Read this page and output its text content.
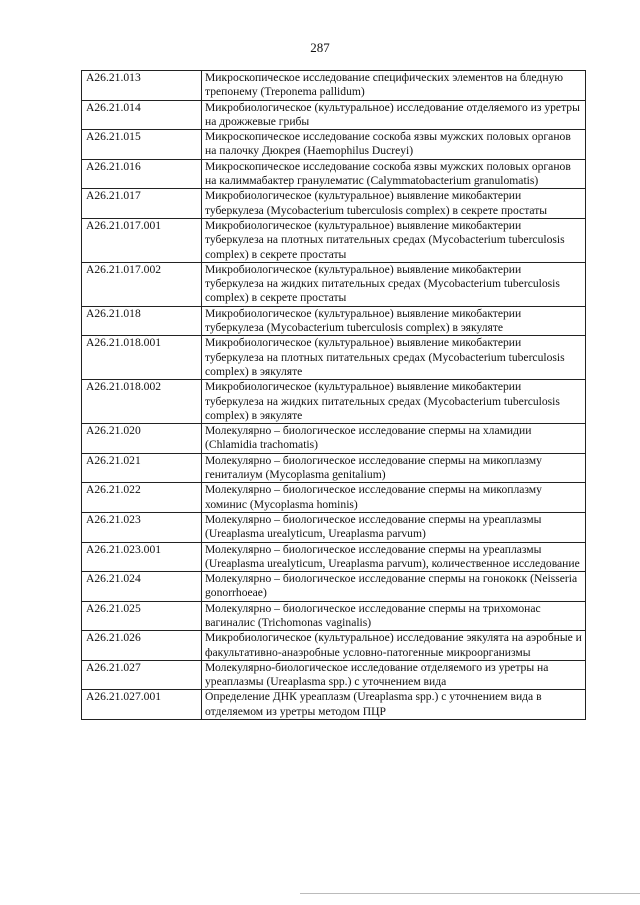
287
A26.21.013	Микроскопическое исследование специфических элементов на бледную трепонему (Treponema pallidum)
A26.21.014	Микробиологическое (культуральное) исследование отделяемого из уретры на дрожжевые грибы
A26.21.015	Микроскопическое исследование соскоба язвы мужских половых органов на палочку Дюкрея (Haemophilus Ducreyi)
A26.21.016	Микроскопическое исследование соскоба язвы мужских половых органов на калиммабактер гранулематис (Calymmatobacterium granulomatis)
A26.21.017	Микробиологическое (культуральное) выявление микобактерии туберкулеза (Mycobacterium tuberculosis complex) в секрете простаты
A26.21.017.001	Микробиологическое (культуральное) выявление микобактерии туберкулеза на плотных питательных средах (Mycobacterium tuberculosis complex) в секрете простаты
A26.21.017.002	Микробиологическое (культуральное) выявление микобактерии туберкулеза на жидких питательных средах (Mycobacterium tuberculosis complex) в секрете простаты
A26.21.018	Микробиологическое (культуральное) выявление микобактерии туберкулеза (Mycobacterium tuberculosis complex) в эякуляте
A26.21.018.001	Микробиологическое (культуральное) выявление микобактерии туберкулеза на плотных питательных средах (Mycobacterium tuberculosis complex) в эякуляте
A26.21.018.002	Микробиологическое (культуральное) выявление микобактерии туберкулеза на жидких питательных средах (Mycobacterium tuberculosis complex) в эякуляте
A26.21.020	Молекулярно – биологическое исследование спермы на хламидии (Chlamidia trachomatis)
A26.21.021	Молекулярно – биологическое исследование спермы на микоплазму гениталиум (Mycoplasma genitalium)
A26.21.022	Молекулярно – биологическое исследование спермы на микоплазму хоминис (Mycoplasma hominis)
A26.21.023	Молекулярно – биологическое исследование спермы на уреаплазмы (Ureaplasma urealyticum, Ureaplasma parvum)
A26.21.023.001	Молекулярно – биологическое исследование спермы на уреаплазмы (Ureaplasma urealyticum, Ureaplasma parvum), количественное исследование
A26.21.024	Молекулярно – биологическое исследование спермы на гонококк (Neisseria gonorrhoeae)
A26.21.025	Молекулярно – биологическое исследование спермы на трихомонас вагиналис (Trichomonas vaginalis)
A26.21.026	Микробиологическое (культуральное) исследование эякулята на аэробные и факультативно-анаэробные условно-патогенные микроорганизмы
A26.21.027	Молекулярно-биологическое исследование отделяемого из уретры на уреаплазмы (Ureaplasma spp.) с уточнением вида
A26.21.027.001	Определение ДНК уреаплазм (Ureaplasma spp.) с уточнением вида в отделяемом из уретры методом ПЦР
